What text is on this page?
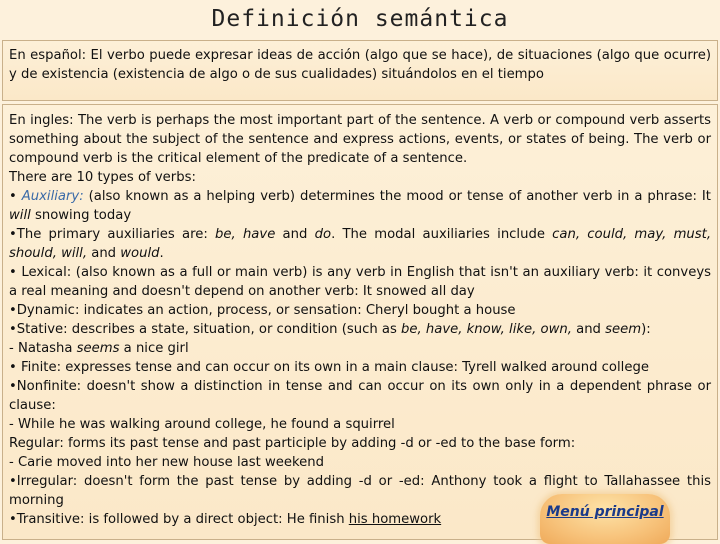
Definición semántica

En español: El verbo puede expresar ideas de acción (algo que se hace), de situaciones (algo que ocurre) y de existencia (existencia de algo o de sus cualidades) situándolos en el tiempo

En ingles: The verb is perhaps the most important part of the sentence. A verb or compound verb asserts something about the subject of the sentence and express actions, events, or states of being. The verb or compound verb is the critical element of the predicate of a sentence.

There are 10 types of verbs:

• Auxiliary: (also known as a helping verb) determines the mood or tense of another verb in a phrase: It will snowing today

•The primary auxiliaries are: be, have and do. The modal auxiliaries include can, could, may, must, should, will, and would.

• Lexical: (also known as a full or main verb) is any verb in English that isn't an auxiliary verb: it conveys a real meaning and doesn't depend on another verb: It snowed all day

•Dynamic: indicates an action, process, or sensation: Cheryl bought a house

•Stative: describes a state, situation, or condition (such as be, have, know, like, own, and seem):

- Natasha seems a nice girl

• Finite: expresses tense and can occur on its own in a main clause: Tyrell walked around college

•Nonfinite: doesn't show a distinction in tense and can occur on its own only in a dependent phrase or clause:

- While he was walking around college, he found a squirrel

Regular: forms its past tense and past participle by adding -d or -ed to the base form:

- Carie moved into her new house last weekend

•Irregular: doesn't form the past tense by adding -d or -ed: Anthony took a flight to Tallahassee this morning

•Transitive: is followed by a direct object: He finish his homework	Menú principal
